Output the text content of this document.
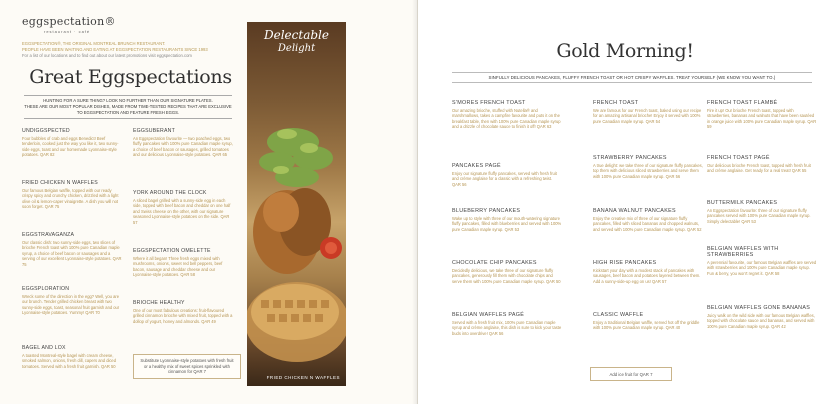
eggspectation®
restaurant · café
EGGSPECTATION®, THE ORIGINAL MONTREAL BRUNCH RESTAURANT.
PEOPLE HAVE BEEN WAITING AND EATING AT EGGSPECTATION RESTAURANTS SINCE 1993
For a list of our locations and to find out about our latest promotions visit eggspectation.com
Great Eggspectations
HUNTING FOR A SURE THING? LOOK NO FURTHER THAN OUR SIGNATURE PLATES.
THESE ARE OUR MOST POPULAR DISHES, MADE FROM TIME-TESTED RECIPES THAT ARE EXCLUSIVE
TO EGGSPECTATION AND FEATURE FRESH EGGS.
UNDIGGSPECTED
Four bubbles of crab and eggs Benedict! Beef tenderloin, cooked just the way you like it, two sunny-side eggs, toast and our homemade Lyonnaise-style potatoes. QAR 82
FRIED CHICKEN N WAFFLES
Our famous Belgian waffle, topped with our ready crispy spicy and crunchy chicken, drizzled with a light olive oil & lemon-caper vinaigrette. A dish you will not soon forget. QAR 75
EGGSTRAVAGANZA
Our classic dish: two sunny-side eggs, two slices of brioche French toast with 100% pure Canadian maple syrup, a choice of beef bacon or sausages and a serving of our excellent Lyonnaise-style potatoes. QAR 75
EGGSPLORATION
Wreck some of the direction in the egg? Well, you are our brunch. Tender grilled chicken breast with two sunny-side eggs, toast, seasonal fruit garnish and our Lyonnaise-style potatoes. Yummy! QAR 70
BAGEL AND LOX
A toasted Montreal-style bagel with cream cheese, smoked salmon, onions, fresh dill, capers and diced tomatoes. Served with a fresh fruit garnish. QAR 50
EGGSUBERANT
An Eggspectation favourite — two poached eggs, two fluffy pancakes with 100% pure Canadian maple syrup, a choice of beef bacon or sausages, grilled tomatoes and our delicious Lyonnaise-style potatoes. QAR 65
YORK AROUND THE CLOCK
A sliced bagel grilled with a sunny-side egg in each side, topped with beef bacon and cheddar on one half and Swiss cheese on the other, with our signature seasoned Lyonnaise-style potatoes on the side. QAR 57
EGGSPECTATION OMELETTE
Where it all began! Three fresh eggs mixed with mushrooms, onions, sweet red bell peppers, beef bacon, sausage and cheddar cheese and our Lyonnaise-style potatoes. QAR 58
BRIOCHE HEALTHY
One of our most fabulous creations: fruit-flavoured grilled cinnamon brioche with mixed fruit, topped with a dollop of yogurt, honey and almonds. QAR 49
Substitute Lyonnaise-style potatoes with fresh fruit or a healthy mix of sweet spices sprinkled with cinnamon for QAR 7
Delectable
Delight
FRIED CHICKEN N WAFFLES
Gold Morning!
SINFULLY DELICIOUS PANCAKES, FLUFFY FRENCH TOAST OR HOT CRISPY WAFFLES. TREAT YOURSELF (WE KNOW YOU WANT TO.)
S'MORES FRENCH TOAST
Our amazing brioche, stuffed with Nutella® and marshmallows, takes a campfire favourite and puts it on the breakfast table, then with 100% pure Canadian maple syrup and a drizzle of chocolate sauce to finish it off! QAR 63
PANCAKES PAGÉ
Enjoy our signature fluffy pancakes, served with fresh fruit and crème anglaise for a classic with a refreshing twist. QAR 56
BLUEBERRY PANCAKES
Wake up to style with three of our mouth-watering signature fluffy pancakes, filled with blueberries and served with 100% pure Canadian maple syrup. QAR 53
CHOCOLATE CHIP PANCAKES
Decidedly delicious, we take three of our signature fluffy pancakes, generously fill them with chocolate chips and serve them with 100% pure Canadian maple syrup. QAR 50
BELGIAN WAFFLES PAGÉ
Served with a fresh fruit mix, 100% pure Canadian maple syrup and crème anglaise, this dish is sure to kick your taste buds into overdrive! QAR 56
FRENCH TOAST
We are famous for our French toast, baked using our recipe for an amazing artisanal brioche! Enjoy it served with 100% pure Canadian maple syrup. QAR 54
STRAWBERRY PANCAKES
A true delight: we take three of our signature fluffy pancakes, top them with delicious sliced strawberries and serve them with 100% pure Canadian maple syrup. QAR 56
BANANA WALNUT PANCAKES
Enjoy the creative mix of three of our signature fluffy pancakes, filled with sliced bananas and chopped walnuts, and served with 100% pure Canadian maple syrup. QAR 52
HIGH RISE PANCAKES
Kickstart your day with a modest stack of pancakes with sausages, beef bacon and potatoes layered between them. Add a sunny-side-up egg on us! QAR 57
CLASSIC WAFFLE
Enjoy a traditional Belgian waffle, served hot off the griddle with 100% pure Canadian maple syrup. QAR 40
FRENCH TOAST FLAMBÉ
Fire it up! Our brioche French toast, topped with strawberries, bananas and walnuts that have been sautéed in orange juice with 100% pure Canadian maple syrup. QAR 59
FRENCH TOAST PAGÉ
Our delicious brioche French toast, topped with fresh fruit and crème anglaise. Get ready for a real treat! QAR 55
BUTTERMILK PANCAKES
An Eggspectation favourite: three of our signature fluffy pancakes served with 100% pure Canadian maple syrup. Simply delectable! QAR 53
BELGIAN WAFFLES WITH STRAWBERRIES
A perennial favourite, our famous Belgian waffles are served with strawberries and 100% pure Canadian maple syrup. Fun & berry, you won't regret it. QAR 58
BELGIAN WAFFLES GONE BANANAS
Juicy walk on the wild side with our famous Belgian waffles, topped with chocolate sauce and bananas, and served with 100% pure Canadian maple syrup. QAR 42
Add ice fruit for QAR 7
